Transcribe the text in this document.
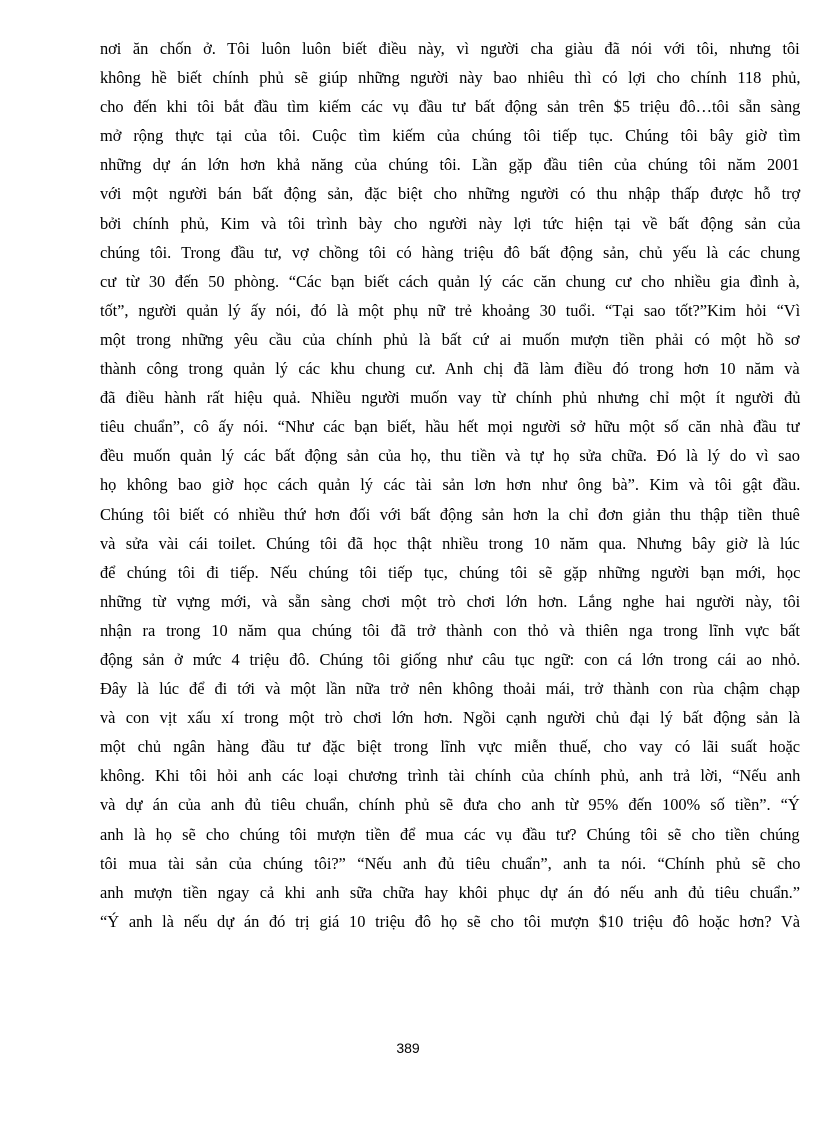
nơi ăn chốn ở. Tôi luôn luôn biết điều này, vì người cha giàu đã nói với tôi, nhưng tôi
không hề biết chính phủ sẽ giúp những người này bao nhiêu thì có lợi cho chính 118 phủ,
cho đến khi tôi bắt đầu tìm kiếm các vụ đầu tư bất động sản trên $5 triệu đô…tôi sẵn sàng
mở rộng thực tại của tôi. Cuộc tìm kiếm của chúng tôi tiếp tục. Chúng tôi bây giờ tìm
những dự án lớn hơn khả năng của chúng tôi. Lần gặp đầu tiên của chúng tôi năm 2001
với một người bán bất động sản, đặc biệt cho những người có thu nhập thấp được hỗ trợ
bởi chính phủ, Kim và tôi trình bày cho người này lợi tức hiện tại về bất động sản của
chúng tôi. Trong đầu tư, vợ chồng tôi có hàng triệu đô bất động sản, chủ yếu là các chung
cư từ 30 đến 50 phòng. “Các bạn biết cách quản lý các căn chung cư cho nhiều gia đình à,
tốt”, người quản lý ấy nói, đó là một phụ nữ trẻ khoảng 30 tuổi. “Tại sao tốt?”Kim hỏi “Vì
một trong những yêu cầu của chính phủ là bất cứ ai muốn mượn tiền phải có một hồ sơ
thành công trong quản lý các khu chung cư. Anh chị đã làm điều đó trong hơn 10 năm và
đã điều hành rất hiệu quả. Nhiều người muốn vay từ chính phủ nhưng chỉ một ít người đủ
tiêu chuẩn”, cô ấy nói. “Như các bạn biết, hầu hết mọi người sở hữu một số căn nhà đầu tư
đều muốn quản lý các bất động sản của họ, thu tiền và tự họ sửa chữa. Đó là lý do vì sao
họ không bao giờ học cách quản lý các tài sản lơn hơn như ông bà”. Kim và tôi gật đầu.
Chúng tôi biết có nhiều thứ hơn đối với bất động sản hơn la chỉ đơn giản thu thập tiền thuê
và sửa vài cái toilet. Chúng tôi đã học thật nhiều trong 10 năm qua. Nhưng bây giờ là lúc
để chúng tôi đi tiếp. Nếu chúng tôi tiếp tục, chúng tôi sẽ gặp những người bạn mới, học
những từ vựng mới, và sẵn sàng chơi một trò chơi lớn hơn. Lắng nghe hai người này, tôi
nhận ra trong 10 năm qua chúng tôi đã trở thành con thỏ và thiên nga trong lĩnh vực bất
động sản ở mức 4 triệu đô. Chúng tôi giống như câu tục ngữ: con cá lớn trong cái ao nhỏ.
Đây là lúc để đi tới và một lần nữa trở nên không thoải mái, trở thành con rùa chậm chạp
và con vịt xấu xí trong một trò chơi lớn hơn. Ngồi cạnh người chủ đại lý bất động sản là
một chủ ngân hàng đầu tư đặc biệt trong lĩnh vực miễn thuế, cho vay có lãi suất hoặc
không. Khi tôi hỏi anh các loại chương trình tài chính của chính phủ, anh trả lời, “Nếu anh
và dự án của anh đủ tiêu chuẩn, chính phủ sẽ đưa cho anh từ 95% đến 100% số tiền”. “Ý
anh là họ sẽ cho chúng tôi mượn tiền để mua các vụ đầu tư? Chúng tôi sẽ cho tiền chúng
tôi mua tài sản của chúng tôi?” “Nếu anh đủ tiêu chuẩn”, anh ta nói. “Chính phủ sẽ cho
anh mượn tiền ngay cả khi anh sữa chữa hay khôi phục dự án đó nếu anh đủ tiêu chuẩn.”
“Ý anh là nếu dự án đó trị giá 10 triệu đô họ sẽ cho tôi mượn $10 triệu đô hoặc hơn? Và
389
